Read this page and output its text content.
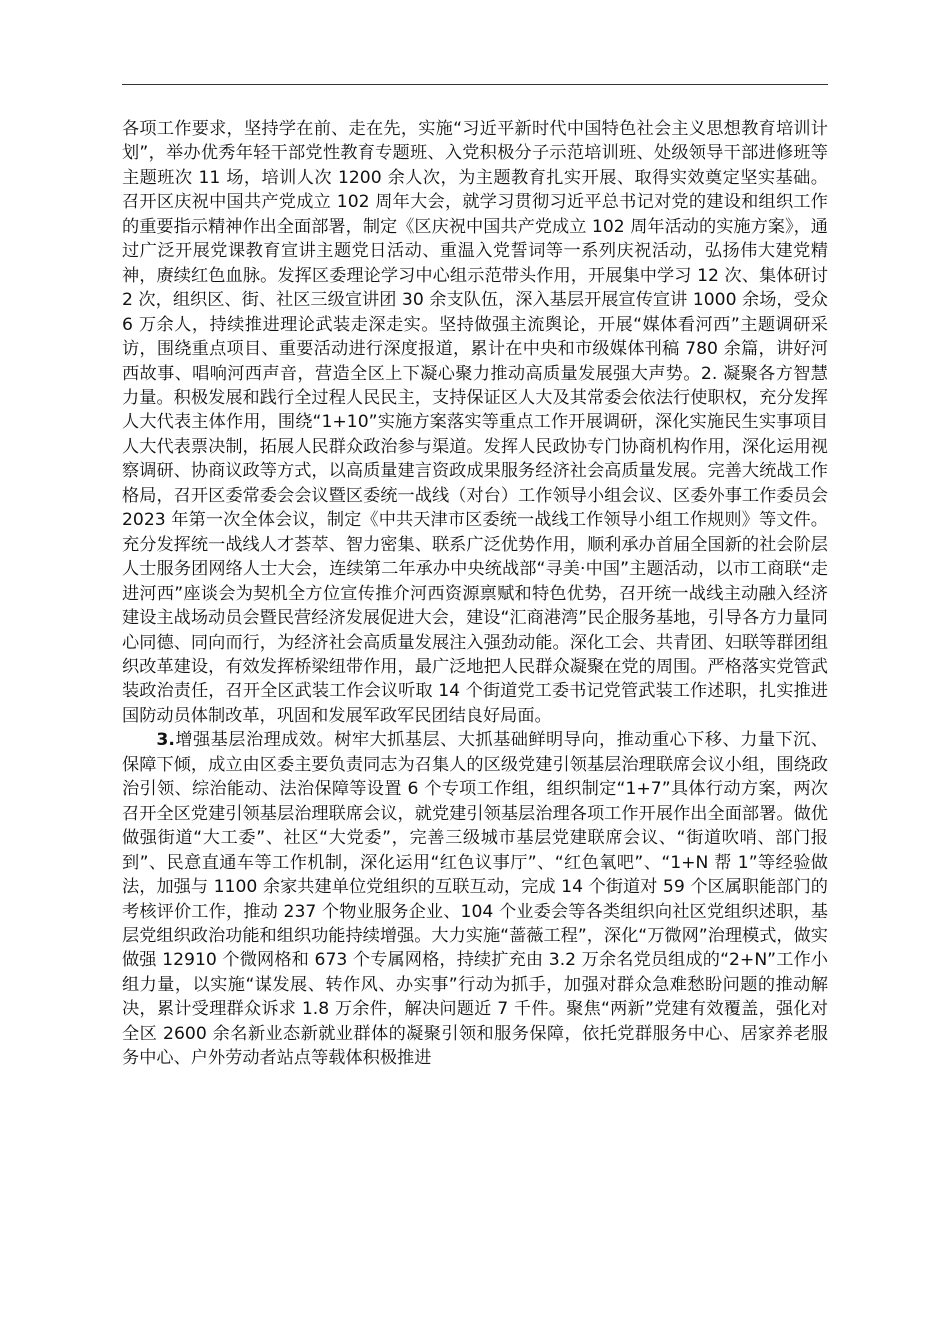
各项工作要求，坚持学在前、走在先，实施“习近平新时代中国特色社会主义思想教育培训计划”，举办优秀年轻干部党性教育专题班、入党积极分子示范培训班、处级领导干部进修班等主题班次 11 场，培训人次 1200 余人次，为主题教育扎实开展、取得实效奠定坚实基础。召开区庆祝中国共产党成立 102 周年大会，就学习贯彻习近平总书记对党的建设和组织工作的重要指示精神作出全面部署，制定《区庆祝中国共产党成立 102 周年活动的实施方案》，通过广泛开展党课教育宣讲主题党日活动、重温入党誓词等一系列庆祝活动，弘扬伟大建党精神，赓续红色血脉。发挥区委理论学习中心组示范带头作用，开展集中学习 12 次、集体研讨 2 次，组织区、街、社区三级宣讲团 30 余支队伍，深入基层开展宣传宣讲 1000 余场，受众 6 万余人，持续推进理论武装走深走实。坚持做强主流舆论，开展“媒体看河西”主题调研采访，围绕重点项目、重要活动进行深度报道，累计在中央和市级媒体刊稿 780 余篇，讲好河西故事、唱响河西声音，营造全区上下凝心聚力推动高质量发展强大声势。2. 凝聚各方智慧力量。积极发展和践行全过程人民民主，支持保证区人大及其常委会依法行使职权，充分发挥人大代表主体作用，围绕“1+10”实施方案落实等重点工作开展调研，深化实施民生实事项目人大代表票决制，拓展人民群众政治参与渠道。发挥人民政协专门协商机构作用，深化运用视察调研、协商议政等方式，以高质量建言资政成果服务经济社会高质量发展。完善大统战工作格局，召开区委常委会会议暨区委统一战线（对台）工作领导小组会议、区委外事工作委员会 2023 年第一次全体会议，制定《中共天津市区委统一战线工作领导小组工作规则》等文件。充分发挥统一战线人才荟萃、智力密集、联系广泛优势作用，顺利承办首届全国新的社会阶层人士服务团网络人士大会，连续第二年承办中央统战部“寻美·中国”主题活动，以市工商联“走进河西”座谈会为契机全方位宣传推介河西资源禀赋和特色优势，召开统一战线主动融入经济建设主战场动员会暨民营经济发展促进大会，建设“汇商港湾”民企服务基地，引导各方力量同心同德、同向而行，为经济社会高质量发展注入强劲动能。深化工会、共青团、妇联等群团组织改革建设，有效发挥桥梁纽带作用，最广泛地把人民群众凝聚在党的周围。严格落实党管武装政治责任，召开全区武装工作会议听取 14 个街道党工委书记党管武装工作述职，扎实推进国防动员体制改革，巩固和发展军政军民团结良好局面。

3.增强基层治理成效。树牢大抓基层、大抓基础鲜明导向，推动重心下移、力量下沉、保障下倾，成立由区委主要负责同志为召集人的区级党建引领基层治理联席会议小组，围绕政治引领、综治能动、法治保障等设置 6 个专项工作组，组织制定“1+7”具体行动方案，两次召开全区党建引领基层治理联席会议，就党建引领基层治理各项工作开展作出全面部署。做优做强街道“大工委”、社区“大党委”，完善三级城市基层党建联席会议、“街道吹哨、部门报到”、民意直通车等工作机制，深化运用“红色议事厅”、“红色氧吧”、“1+N 帮 1”等经验做法，加强与 1100 余家共建单位党组织的互联互动，完成 14 个街道对 59 个区属职能部门的考核评价工作，推动 237 个物业服务企业、104 个业委会等各类组织向社区党组织述职，基层党组织政治功能和组织功能持续增强。大力实施“蔷薇工程”，深化“万微网”治理模式，做实做强 12910 个微网格和 673 个专属网格，持续扩充由 3.2 万余名党员组成的“2+N”工作小组力量，以实施“谋发展、转作风、办实事”行动为抓手，加强对群众急难愁盼问题的推动解决，累计受理群众诉求 1.8 万余件，解决问题近 7 千件。聚焦“两新”党建有效覆盖，强化对全区 2600 余名新业态新就业群体的凝聚引领和服务保障，依托党群服务中心、居家养老服务中心、户外劳动者站点等载体积极推进
